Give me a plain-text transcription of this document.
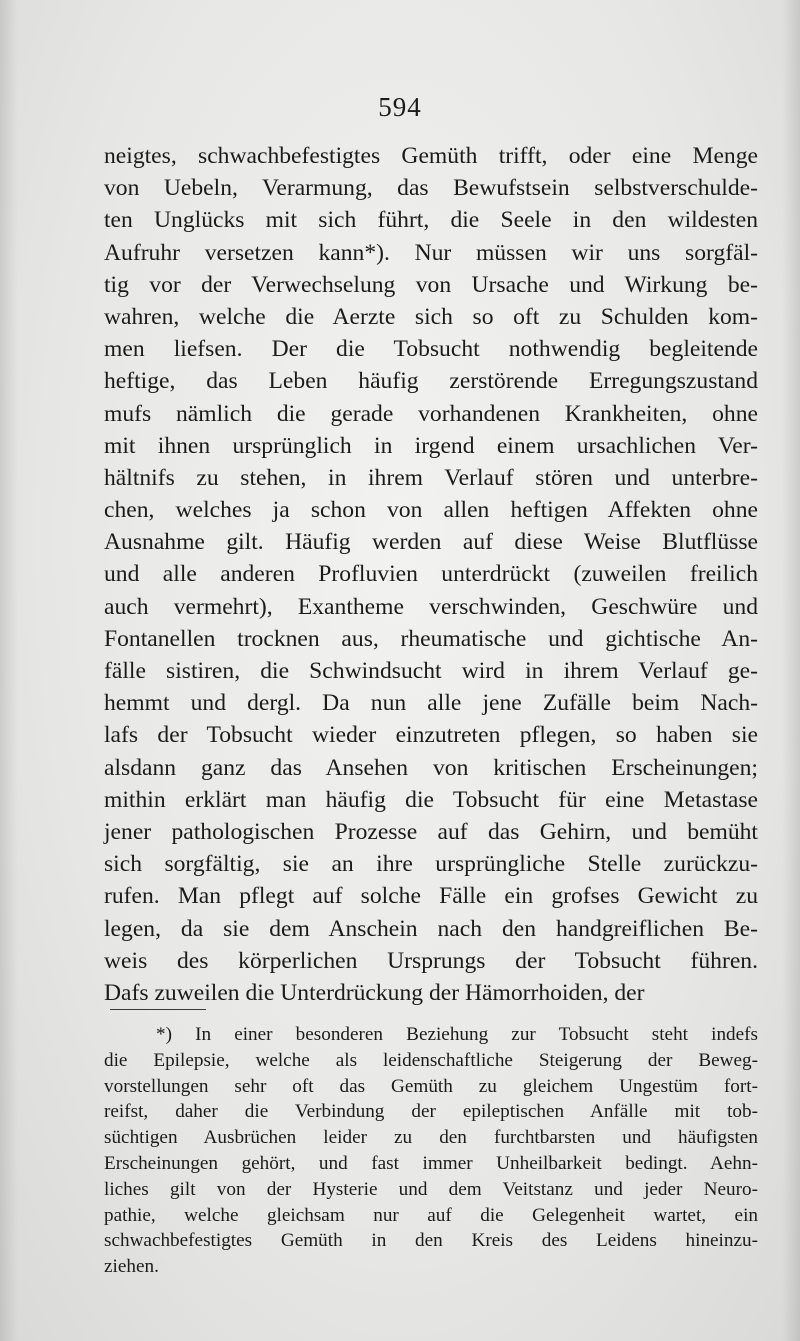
594
neigtes, schwachbefestigtes Gemüth trifft, oder eine Menge
von Uebeln, Verarmung, das Bewufstsein selbstverschulde-
ten Unglücks mit sich führt, die Seele in den wildesten
Aufruhr versetzen kann*). Nur müssen wir uns sorgfäl-
tig vor der Verwechselung von Ursache und Wirkung be-
wahren, welche die Aerzte sich so oft zu Schulden kom-
men liefsen. Der die Tobsucht nothwendig begleitende
heftige, das Leben häufig zerstörende Erregungszustand
mufs nämlich die gerade vorhandenen Krankheiten, ohne
mit ihnen ursprünglich in irgend einem ursachlichen Ver-
hältnifs zu stehen, in ihrem Verlauf stören und unterbre-
chen, welches ja schon von allen heftigen Affekten ohne
Ausnahme gilt. Häufig werden auf diese Weise Blutflüsse
und alle anderen Profluvien unterdrückt (zuweilen freilich
auch vermehrt), Exantheme verschwinden, Geschwüre und
Fontanellen trocknen aus, rheumatische und gichtische An-
fälle sistiren, die Schwindsucht wird in ihrem Verlauf ge-
hemmt und dergl. Da nun alle jene Zufälle beim Nach-
lafs der Tobsucht wieder einzutreten pflegen, so haben sie
alsdann ganz das Ansehen von kritischen Erscheinungen;
mithin erklärt man häufig die Tobsucht für eine Metastase
jener pathologischen Prozesse auf das Gehirn, und bemüht
sich sorgfältig, sie an ihre ursprüngliche Stelle zurückzu-
rufen. Man pflegt auf solche Fälle ein grofses Gewicht zu
legen, da sie dem Anschein nach den handgreiflichen Be-
weis des körperlichen Ursprungs der Tobsucht führen.
Dafs zuweilen die Unterdrückung der Hämorrhoiden, der
*) In einer besonderen Beziehung zur Tobsucht steht indefs
die Epilepsie, welche als leidenschaftliche Steigerung der Beweg-
vorstellungen sehr oft das Gemüth zu gleichem Ungestüm fort-
reifst, daher die Verbindung der epileptischen Anfälle mit tob-
süchtigen Ausbrüchen leider zu den furchtbarsten und häufigsten
Erscheinungen gehört, und fast immer Unheilbarkeit bedingt. Aehn-
liches gilt von der Hysterie und dem Veitstanz und jeder Neuro-
pathie, welche gleichsam nur auf die Gelegenheit wartet, ein
schwachbefestigtes Gemüth in den Kreis des Leidens hineinzu-
ziehen.
